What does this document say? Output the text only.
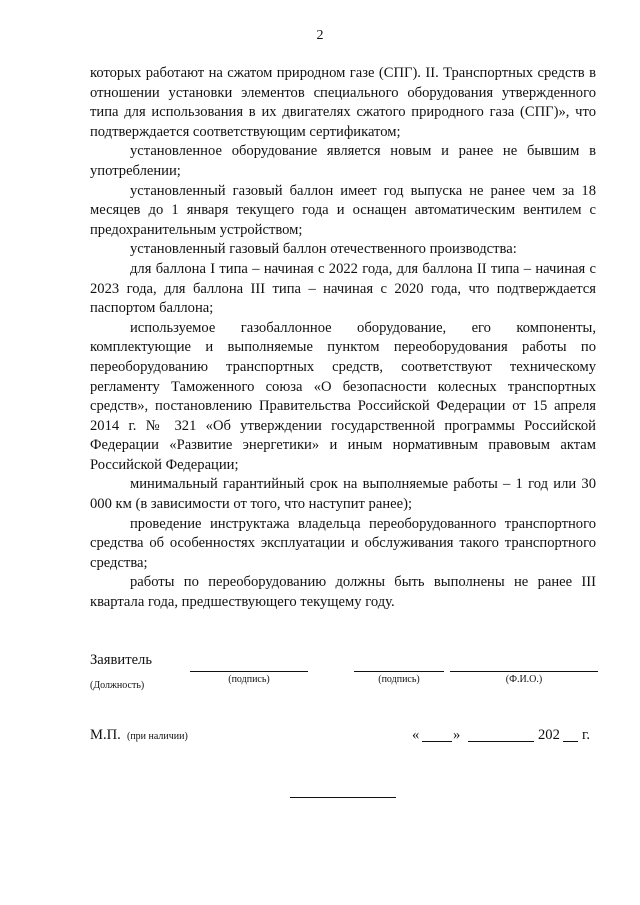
2

которых работают на сжатом природном газе (СПГ). II. Транспортных средств в отношении установки элементов специального оборудования утвержденного типа для использования в их двигателях сжатого природного газа (СПГ)», что подтверждается соответствующим сертификатом;

установленное оборудование является новым и ранее не бывшим в употреблении;

установленный газовый баллон имеет год выпуска не ранее чем за 18 месяцев до 1 января текущего года и оснащен автоматическим вентилем с предохранительным устройством;

установленный газовый баллон отечественного производства:

для баллона I типа – начиная с 2022 года, для баллона II типа – начиная с 2023 года, для баллона III типа – начиная с 2020 года, что подтверждается паспортом баллона;

используемое газобаллонное оборудование, его компоненты, комплектующие и выполняемые пунктом переоборудования работы по переоборудованию транспортных средств, соответствуют техническому регламенту Таможенного союза «О безопасности колесных транспортных средств», постановлению Правительства Российской Федерации от 15 апреля 2014 г. № 321 «Об утверждении государственной программы Российской Федерации «Развитие энергетики» и иным нормативным правовым актам Российской Федерации;

минимальный гарантийный срок на выполняемые работы – 1 год или 30 000 км (в зависимости от того, что наступит ранее);

проведение инструктажа владельца переоборудованного транспортного средства об особенностях эксплуатации и обслуживания такого транспортного средства;

работы по переоборудованию должны быть выполнены не ранее III квартала года, предшествующего текущему году.

Заявитель
(Должность)
(подпись)	(подпись)	(Ф.И.О.)
М.П. (при наличии)	« »	202 г.
